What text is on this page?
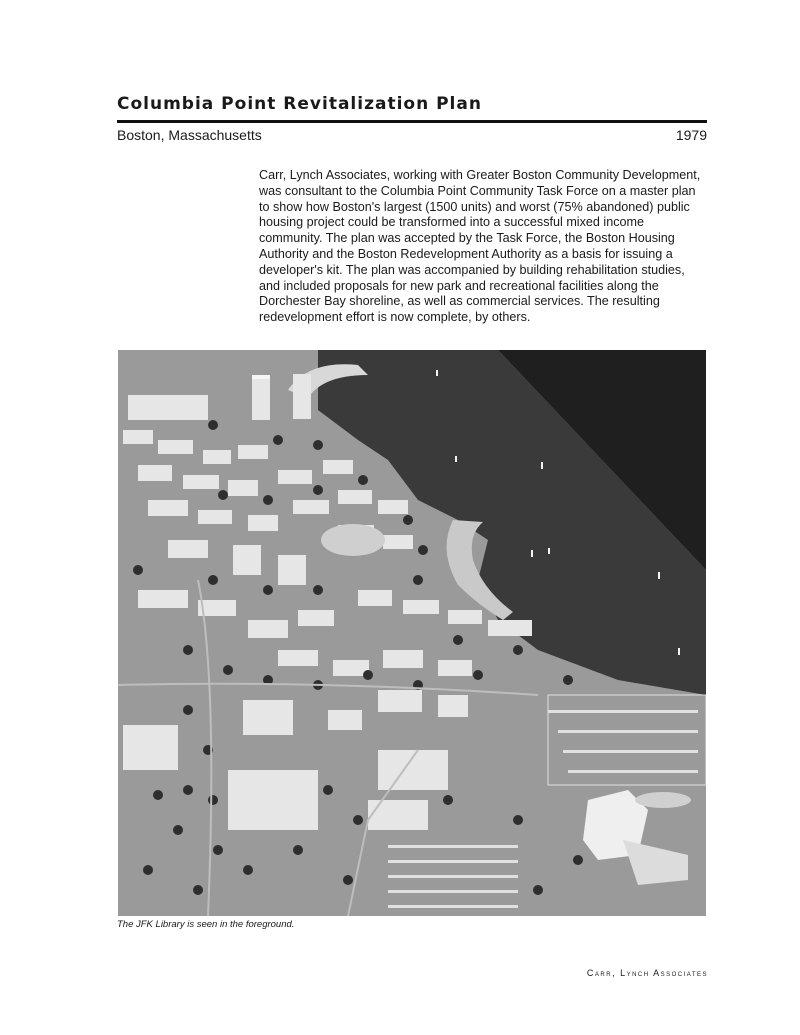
Columbia Point Revitalization Plan
Boston, Massachusetts	1979

Carr, Lynch Associates, working with Greater Boston Community Development, was consultant to the Columbia Point Community Task Force on a master plan to show how Boston's largest (1500 units) and worst (75% abandoned) public housing project could be transformed into a successful mixed income community. The plan was accepted by the Task Force, the Boston Housing Authority and the Boston Redevelopment Authority as a basis for issuing a developer's kit. The plan was accompanied by building rehabilitation studies, and included proposals for new park and recreational facilities along the Dorchester Bay shoreline, as well as commercial services. The resulting redevelopment effort is now complete, by others.

The JFK Library is seen in the foreground.
Carr, Lynch Associates
